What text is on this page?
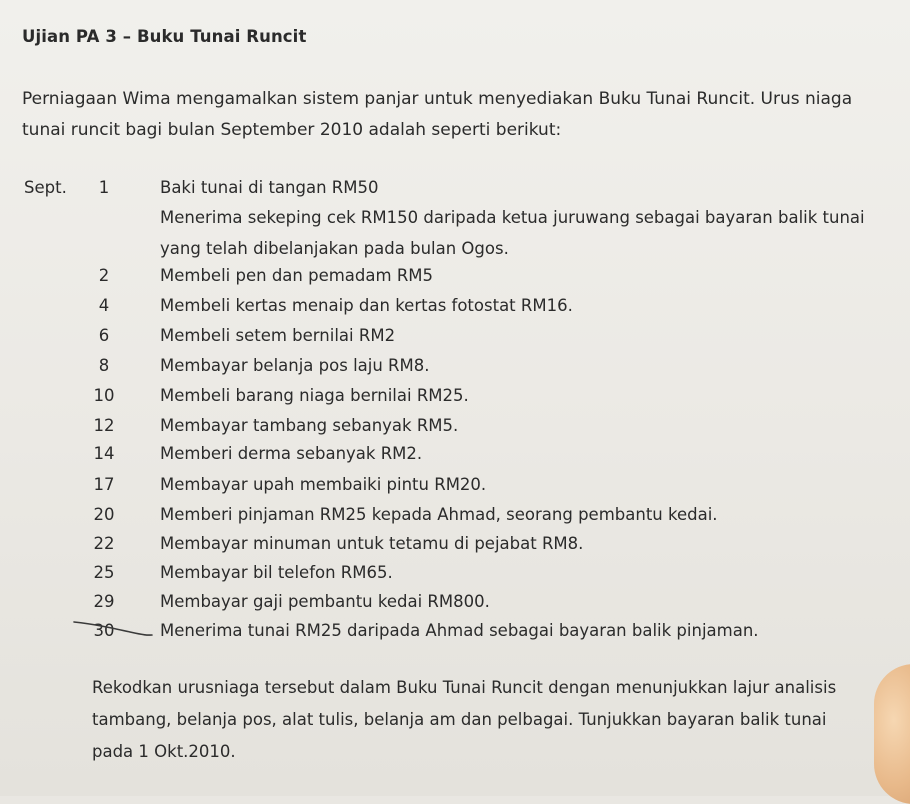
Ujian PA 3 – Buku Tunai Runcit
Perniagaan Wima mengamalkan sistem panjar untuk menyediakan Buku Tunai Runcit. Urus niaga tunai runcit bagi bulan September 2010 adalah seperti berikut:
Sept.	1	Baki tunai di tangan RM50
Menerima sekeping cek RM150 daripada ketua juruwang sebagai bayaran balik tunai yang telah dibelanjakan pada bulan Ogos.
2	Membeli pen dan pemadam RM5
4	Membeli kertas menaip dan kertas fotostat RM16.
6	Membeli setem bernilai RM2
8	Membayar belanja pos laju RM8.
10	Membeli barang niaga bernilai RM25.
12	Membayar tambang sebanyak RM5.
14	Memberi derma sebanyak RM2.
17	Membayar upah membaiki pintu RM20.
20	Memberi pinjaman RM25 kepada Ahmad, seorang pembantu kedai.
22	Membayar minuman untuk tetamu di pejabat RM8.
25	Membayar bil telefon RM65.
29	Membayar gaji pembantu kedai RM800.
30	Menerima tunai RM25 daripada Ahmad sebagai bayaran balik pinjaman.
Rekodkan urusniaga tersebut dalam Buku Tunai Runcit dengan menunjukkan lajur analisis tambang, belanja pos, alat tulis, belanja am dan pelbagai. Tunjukkan bayaran balik tunai pada 1 Okt.2010.
